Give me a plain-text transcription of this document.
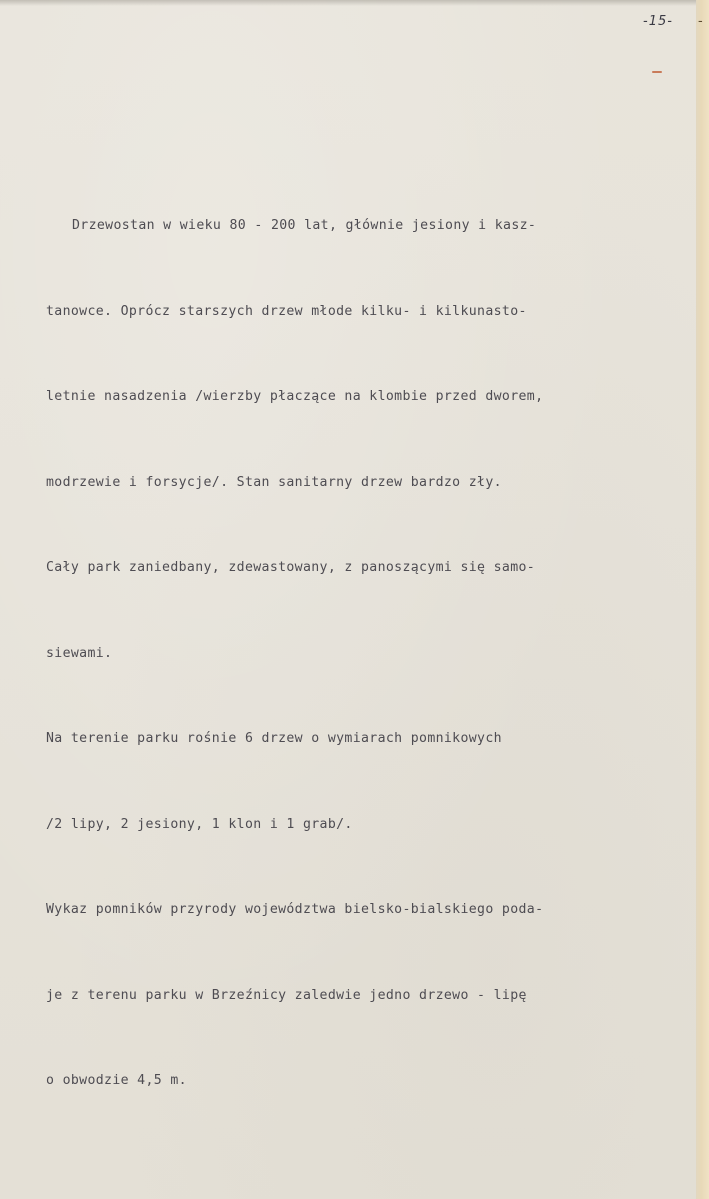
-15- -

Drzewostan w wieku 80 - 200 lat, głównie jesiony i kasz-

tanowce. Oprócz starszych drzew młode kilku- i kilkunasto-

letnie nasadzenia /wierzby płaczące na klombie przed dworem,

modrzewie i forsycje/. Stan sanitarny drzew bardzo zły.

Cały park zaniedbany, zdewastowany, z panoszącymi się samo-

siewami.

Na terenie parku rośnie 6 drzew o wymiarach pomnikowych

/2 lipy, 2 jesiony, 1 klon i 1 grab/.

Wykaz pomników przyrody województwa bielsko-bialskiego poda-

je z terenu parku w Brzeźnicy zaledwie jedno drzewo - lipę

o obwodzie 4,5 m.
